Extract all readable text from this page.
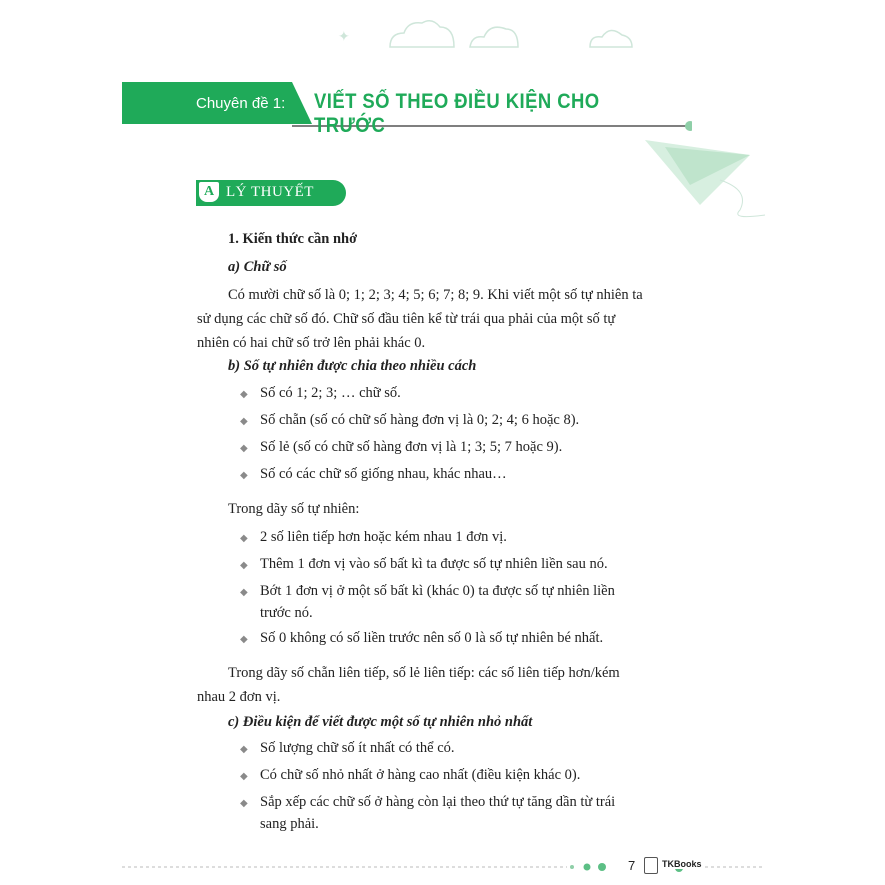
✦
Chuyên đề 1: VIẾT SỐ THEO ĐIỀU KIỆN CHO TRƯỚC
A LÝ THUYẾT
1. Kiến thức cần nhớ
a) Chữ số
Có mười chữ số là 0; 1; 2; 3; 4; 5; 6; 7; 8; 9. Khi viết một số tự nhiên ta
sử dụng các chữ số đó. Chữ số đầu tiên kể từ trái qua phải của một số tự
nhiên có hai chữ số trở lên phải khác 0.
b) Số tự nhiên được chia theo nhiều cách
◆ Số có 1; 2; 3; … chữ số.
◆ Số chẵn (số có chữ số hàng đơn vị là 0; 2; 4; 6 hoặc 8).
◆ Số lẻ (số có chữ số hàng đơn vị là 1; 3; 5; 7 hoặc 9).
◆ Số có các chữ số giống nhau, khác nhau…
Trong dãy số tự nhiên:
◆ 2 số liên tiếp hơn hoặc kém nhau 1 đơn vị.
◆ Thêm 1 đơn vị vào số bất kì ta được số tự nhiên liền sau nó.
◆ Bớt 1 đơn vị ở một số bất kì (khác 0) ta được số tự nhiên liền
trước nó.
◆ Số 0 không có số liền trước nên số 0 là số tự nhiên bé nhất.
Trong dãy số chẵn liên tiếp, số lẻ liên tiếp: các số liên tiếp hơn/kém
nhau 2 đơn vị.
c) Điều kiện để viết được một số tự nhiên nhỏ nhất
◆ Số lượng chữ số ít nhất có thể có.
◆ Có chữ số nhỏ nhất ở hàng cao nhất (điều kiện khác 0).
◆ Sắp xếp các chữ số ở hàng còn lại theo thứ tự tăng dần từ trái
sang phải.
7	TKBooks
